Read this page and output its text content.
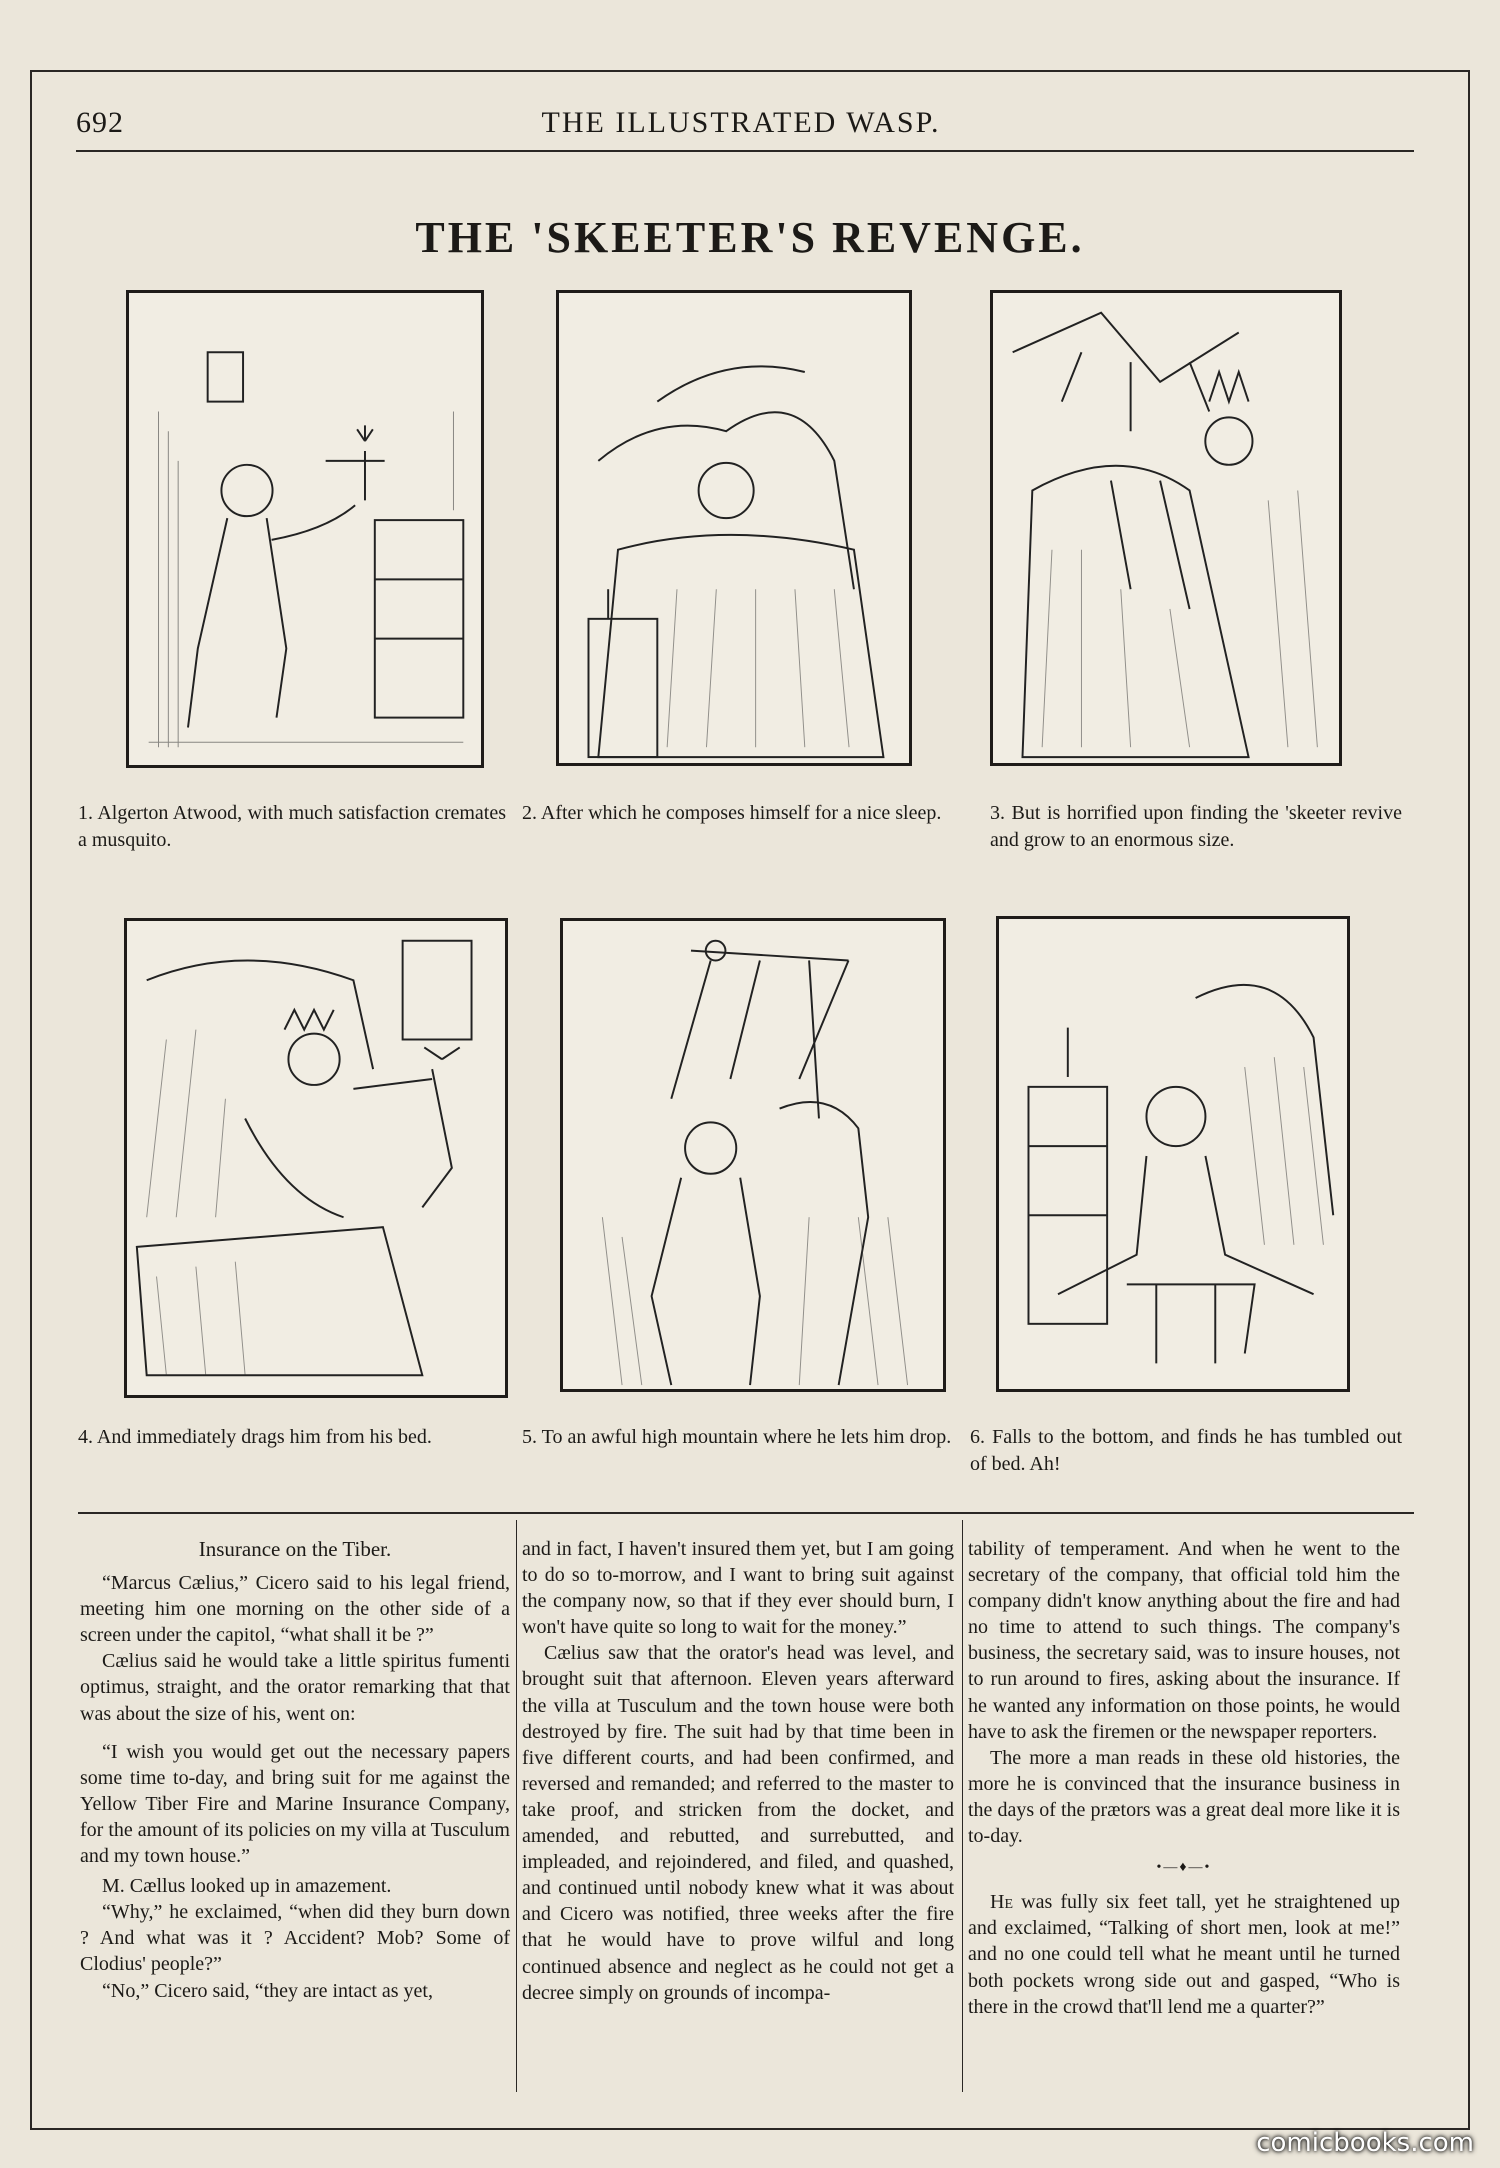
THE ILLUSTRATED WASP.
692
THE 'SKEETER'S REVENGE.
1. Algerton Atwood, with much satisfaction cremates a musquito.
2. After which he composes himself for a nice sleep.	3. But is horrified upon finding the 'skeeter revive and grow to an enormous size.
4. And immediately drags him from his bed.	5. To an awful high mountain where he lets him drop. 6. Falls to the bottom, and finds he has tumbled out of bed. Ah!

Insurance on the Tiber.

“Marcus Cælius,” Cicero said to his legal friend, meeting him one morning on the other side of a screen under the capitol, “what shall it be ?”

Cælius said he would take a little spiritus fumenti optimus, straight, and the orator remarking that that was about the size of his, went on:

“I wish you would get out the necessary papers some time to-day, and bring suit for me against the Yellow Tiber Fire and Marine Insurance Company, for the amount of its policies on my villa at Tusculum and my town house.”

M. Cællus looked up in amazement.

“Why,” he exclaimed, “when did they burn down ? And what was it ? Accident? Mob? Some of Clodius' people?”

“No,” Cicero said, “they are intact as yet,

and in fact, I haven't insured them yet, but I am going to do so to-morrow, and I want to bring suit against the company now, so that if they ever should burn, I won't have quite so long to wait for the money.”

Cælius saw that the orator's head was level, and brought suit that afternoon. Eleven years afterward the villa at Tusculum and the town house were both destroyed by fire. The suit had by that time been in five different courts, and had been confirmed, and reversed and remanded; and referred to the master to take proof, and stricken from the docket, and amended, and rebutted, and surrebutted, and impleaded, and rejoindered, and filed, and quashed, and continued until nobody knew what it was about and Cicero was notified, three weeks after the fire that he would have to prove wilful and long continued absence and neglect as he could not get a decree simply on grounds of incompa-

tability of temperament. And when he went to the secretary of the company, that official told him the company didn't know anything about the fire and had no time to attend to such things. The company's business, the secretary said, was to insure houses, not to run around to fires, asking about the insurance. If he wanted any information on those points, he would have to ask the firemen or the newspaper reporters.

The more a man reads in these old histories, the more he is convinced that the insurance business in the days of the prætors was a great deal more like it is to-day.

•—♦—•

He was fully six feet tall, yet he straightened up and exclaimed, “Talking of short men, look at me!” and no one could tell what he meant until he turned both pockets wrong side out and gasped, “Who is there in the crowd that'll lend me a quarter?”

comicbooks.com
